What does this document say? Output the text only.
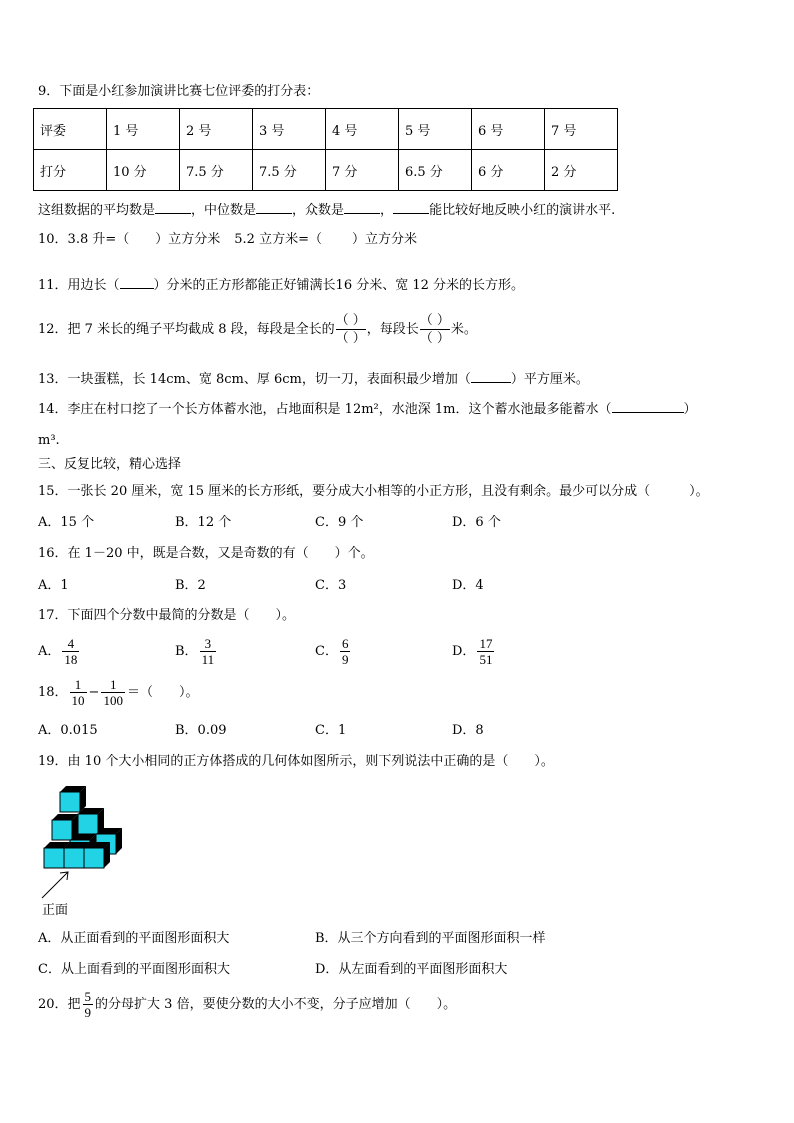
9．下面是小红参加演讲比赛七位评委的打分表：
评委	1 号	2 号	3 号	4 号	5 号	6 号	7 号
打分	10 分	7.5 分	7.5 分	7 分	6.5 分	6 分	2 分
这组数据的平均数是	，中位数是	，众数是	，	能比较好地反映小红的演讲水平.
10．3.8 升=（ ）立方分米 5.2 立方米=（ ）立方分米
11．用边长（	）分米的正方形都能正好铺满长16 分米、宽 12 分米的长方形。
12．把 7 米长的绳子平均截成 8 段，每段是全长的
（ ）
（ ）
，每段长
（ ）
（ ）
米。
13．一块蛋糕，长 14cm、宽 8cm、厚 6cm，切一刀，表面积最少增加（	）平方厘米。
14．李庄在村口挖了一个长方体蓄水池，占地面积是 12m²，水池深 1m．这个蓄水池最多能蓄水（	）
m³.
三、反复比较，精心选择
15．一张长 20 厘米，宽 15 厘米的长方形纸，要分成大小相等的小正方形，且没有剩余。最少可以分成（　　　）。
A．15 个	B．12 个	C．9 个	D．6 个
16．在 1－20 中，既是合数，又是奇数的有（　　）个。
A．1	B．2	C．3	D．4
17．下面四个分数中最简的分数是（　　）。
A． $\frac{4}{18}$	B． $\frac{3}{11}$	C． $\frac{6}{9}$	D． $\frac{17}{51}$
18． $\frac{1}{10} - \frac{1}{100}$ ＝（　　）。
A．0.015	B．0.09	C．1	D．8
19．由 10 个大小相同的正方体搭成的几何体如图所示，则下列说法中正确的是（　　）。
正面
A．从正面看到的平面图形面积大	B．从三个方向看到的平面图形面积一样
C．从上面看到的平面图形面积大	D．从左面看到的平面图形面积大
20．把 $\frac{5}{9}$ 的分母扩大 3 倍，要使分数的大小不变，分子应增加（　　）。
